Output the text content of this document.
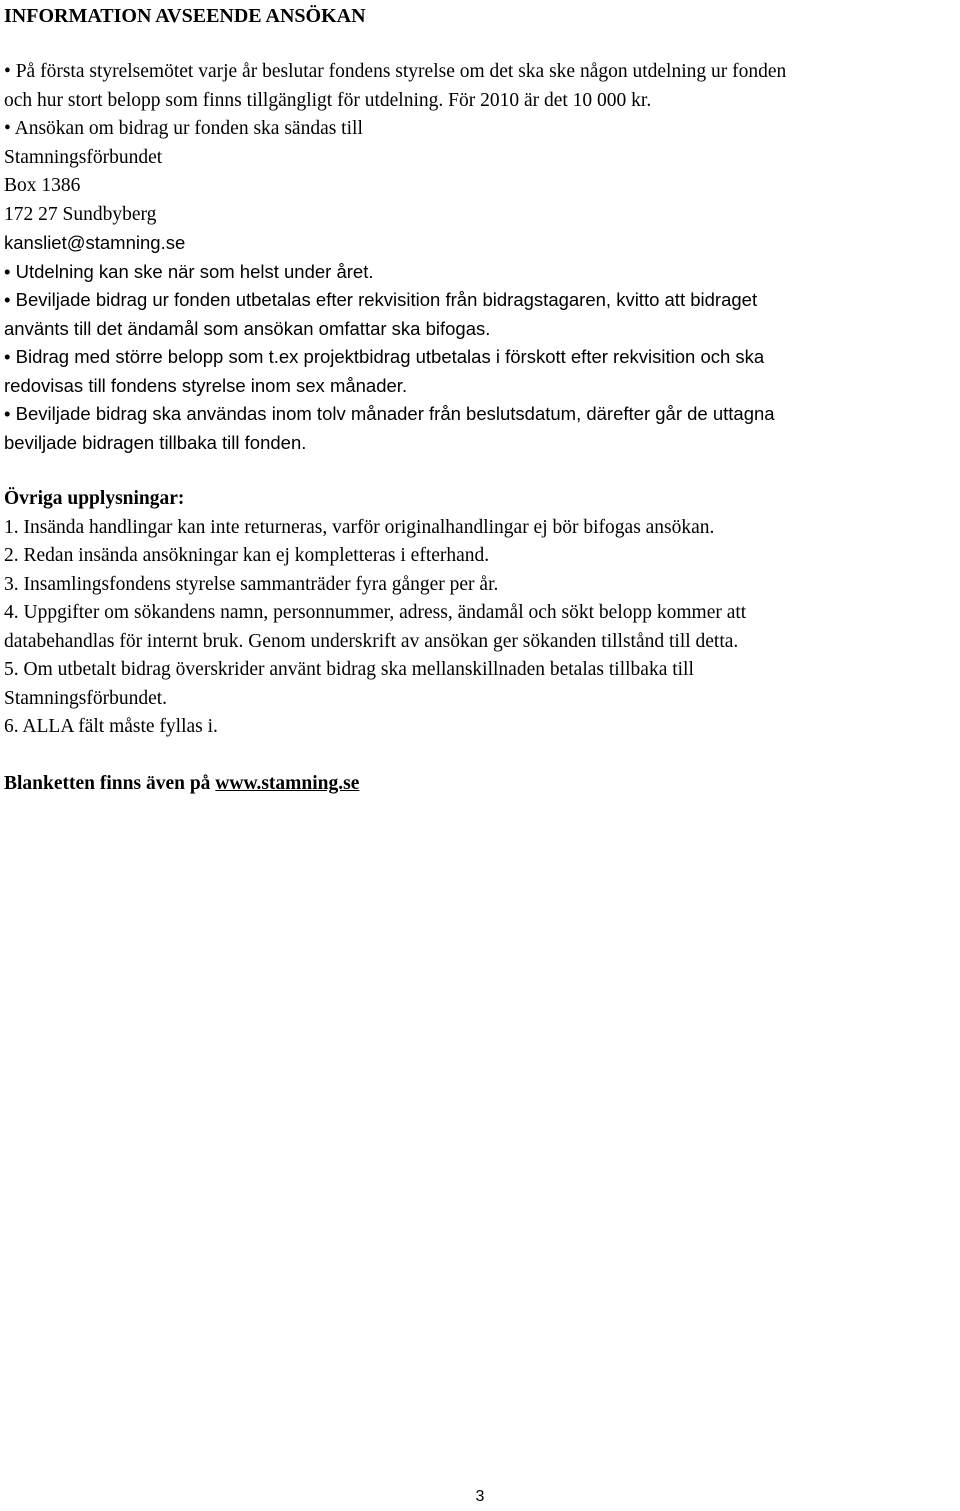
INFORMATION AVSEENDE ANSÖKAN

• På första styrelsemötet varje år beslutar fondens styrelse om det ska ske någon utdelning ur fonden

och hur stort belopp som finns tillgängligt för utdelning. För 2010 är det 10 000 kr.

• Ansökan om bidrag ur fonden ska sändas till

Stamningsförbundet

Box 1386

172 27 Sundbyberg

kansliet@stamning.se

• Utdelning kan ske när som helst under året.

• Beviljade bidrag ur fonden utbetalas efter rekvisition från bidragstagaren, kvitto att bidraget

använts till det ändamål som ansökan omfattar ska bifogas.

• Bidrag med större belopp som t.ex projektbidrag utbetalas i förskott efter rekvisition och ska

redovisas till fondens styrelse inom sex månader.

• Beviljade bidrag ska användas inom tolv månader från beslutsdatum, därefter går de uttagna

beviljade bidragen tillbaka till fonden.

Övriga upplysningar:

1. Insända handlingar kan inte returneras, varför originalhandlingar ej bör bifogas ansökan.

2. Redan insända ansökningar kan ej kompletteras i efterhand.

3. Insamlingsfondens styrelse sammanträder fyra gånger per år.

4. Uppgifter om sökandens namn, personnummer, adress, ändamål och sökt belopp kommer att

databehandlas för internt bruk. Genom underskrift av ansökan ger sökanden tillstånd till detta.

5. Om utbetalt bidrag överskrider använt bidrag ska mellanskillnaden betalas tillbaka till

Stamningsförbundet.

6. ALLA fält måste fyllas i.

Blanketten finns även på www.stamning.se

3
